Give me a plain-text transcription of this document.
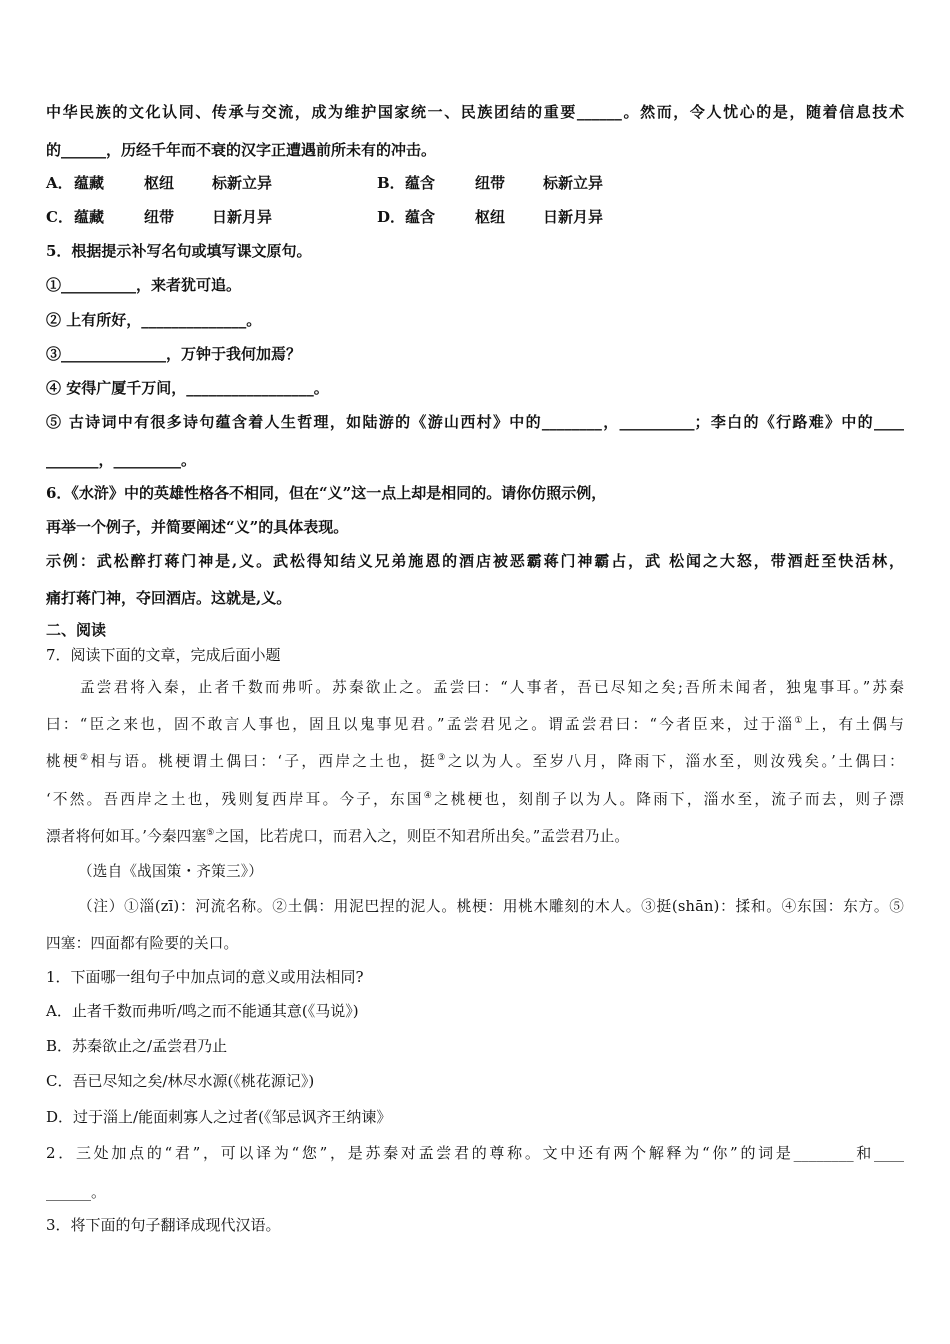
中华民族的文化认同、传承与交流，成为维护国家统一、民族团结的重要______。然而，令人忧心的是，随着信息技术
的______，历经千年而不衰的汉字正遭遇前所未有的冲击。
A．蕴藏	枢纽	标新立异	B．蕴含	纽带	标新立异
C．蕴藏	纽带	日新月异	D．蕴含	枢纽	日新月异
5．根据提示补写名句或填写课文原句。
①__________，来者犹可追。
② 上有所好，______________。
③______________，万钟于我何加焉？
④ 安得广厦千万间，_________________。
⑤ 古诗词中有很多诗句蕴含着人生哲理，如陆游的《游山西村》中的________，__________；李白的《行路难》中的____
_______，_________。
6．《水浒》中的英雄性格各不相同，但在“义”这一点上却是相同的。请你仿照示例，
再举一个例子，并简要阐述“义”的具体表现。
示例：武松醉打蒋门神是,义。武松得知结义兄弟施恩的酒店被恶霸蒋门神霸占，武 松闻之大怒，带酒赶至快活林，
痛打蒋门神，夺回酒店。这就是,义。
二、阅读
7．阅读下面的文章，完成后面小题
孟尝君将入秦，止者千数而弗听。苏秦欲止之。孟尝曰：“人事者，吾已尽知之矣;吾所未闻者，独鬼事耳。”苏秦
曰：“臣之来也，固不敢言人事也，固且以鬼事见君。”孟尝君见之。谓孟尝君曰：“今者臣来，过于淄①上，有土偶与
桃梗②相与语。桃梗谓土偶曰：‘子，西岸之土也，挺③之以为人。至岁八月，降雨下，淄水至，则汝残矣。’土偶曰：
‘不然。吾西岸之土也，残则复西岸耳。今子，东国④之桃梗也，刻削子以为人。降雨下，淄水至，流子而去，则子漂
漂者将何如耳。’今秦四塞⑤之国，比若虎口，而君入之，则臣不知君所出矣。”孟尝君乃止。
（选自《战国策・齐策三》）
（注）①淄(zī)：河流名称。②土偶：用泥巴捏的泥人。桃梗：用桃木雕刻的木人。③挺(shān)：揉和。④东国：东方。⑤
四塞：四面都有险要的关口。
1．下面哪一组句子中加点词的意义或用法相同?
A．止者千数而弗听/鸣之而不能通其意(《马说》)
B．苏秦欲止之/孟尝君乃止
C．吾已尽知之矣/林尽水源(《桃花源记》)
D．过于淄上/能面刺寡人之过者(《邹忌讽齐王纳谏》
2．三处加点的“君”，可以译为“您”，是苏秦对孟尝君的尊称。文中还有两个解释为“你”的词是________和____
______。
3．将下面的句子翻译成现代汉语。
